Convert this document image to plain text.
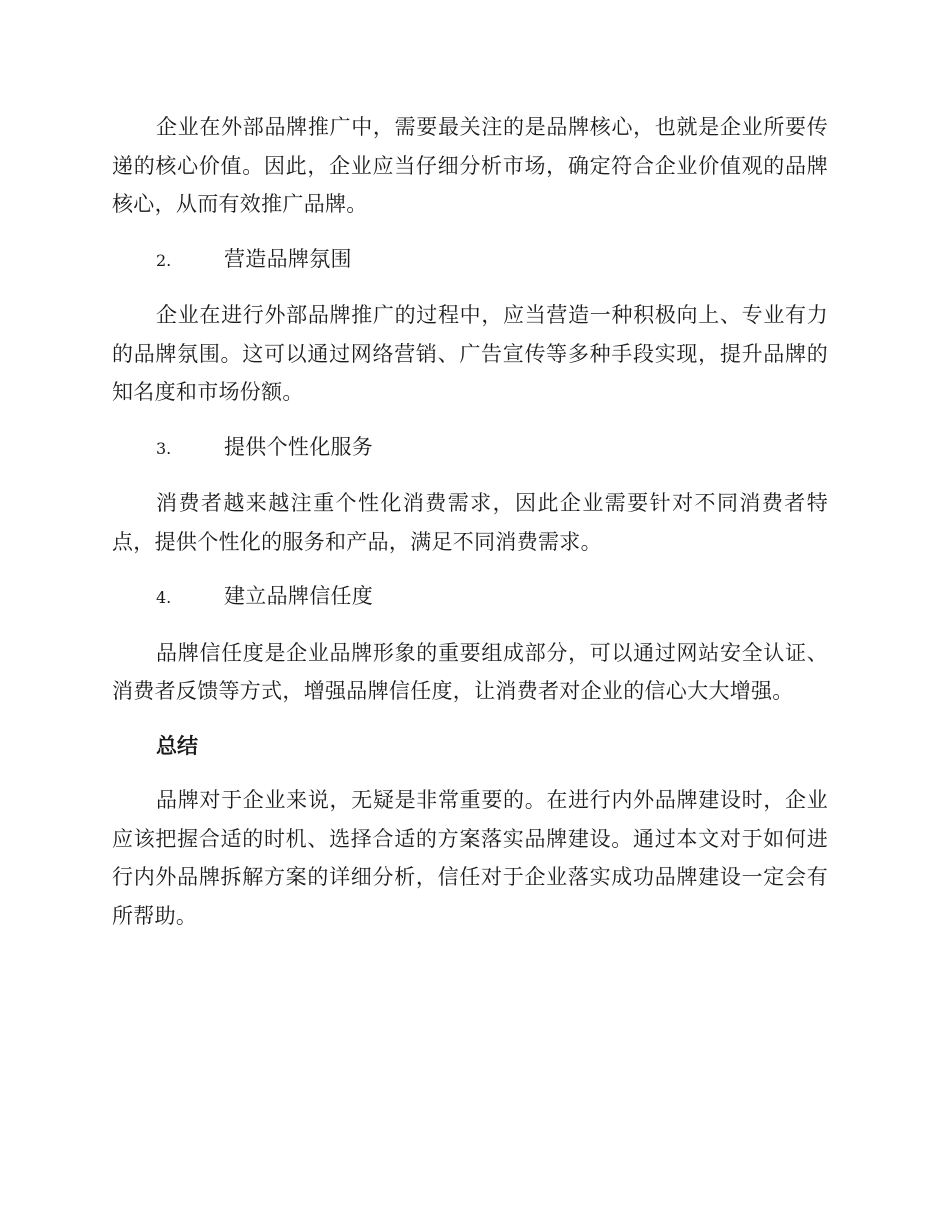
企业在外部品牌推广中，需要最关注的是品牌核心，也就是企业所要传递的核心价值。因此，企业应当仔细分析市场，确定符合企业价值观的品牌核心，从而有效推广品牌。

2.	营造品牌氛围

企业在进行外部品牌推广的过程中，应当营造一种积极向上、专业有力的品牌氛围。这可以通过网络营销、广告宣传等多种手段实现，提升品牌的知名度和市场份额。

3.	提供个性化服务

消费者越来越注重个性化消费需求，因此企业需要针对不同消费者特点，提供个性化的服务和产品，满足不同消费需求。

4.	建立品牌信任度

品牌信任度是企业品牌形象的重要组成部分，可以通过网站安全认证、消费者反馈等方式，增强品牌信任度，让消费者对企业的信心大大增强。

总结

品牌对于企业来说，无疑是非常重要的。在进行内外品牌建设时，企业应该把握合适的时机、选择合适的方案落实品牌建设。通过本文对于如何进行内外品牌拆解方案的详细分析，信任对于企业落实成功品牌建设一定会有所帮助。
